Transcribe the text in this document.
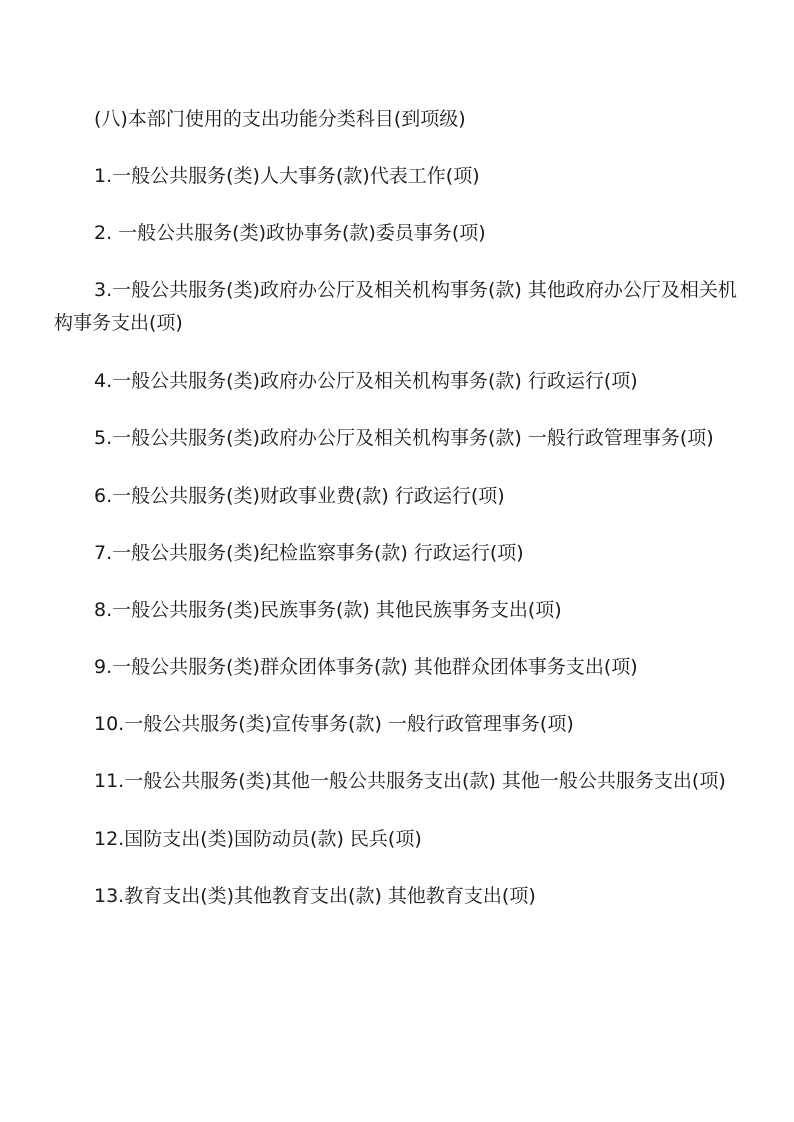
(八)本部门使用的支出功能分类科目(到项级)

1.一般公共服务(类)人大事务(款)代表工作(项)

2. 一般公共服务(类)政协事务(款)委员事务(项)

3.一般公共服务(类)政府办公厅及相关机构事务(款) 其他政府办公厅及相关机构事务支出(项)

4.一般公共服务(类)政府办公厅及相关机构事务(款) 行政运行(项)

5.一般公共服务(类)政府办公厅及相关机构事务(款) 一般行政管理事务(项)

6.一般公共服务(类)财政事业费(款) 行政运行(项)

7.一般公共服务(类)纪检监察事务(款) 行政运行(项)

8.一般公共服务(类)民族事务(款) 其他民族事务支出(项)

9.一般公共服务(类)群众团体事务(款) 其他群众团体事务支出(项)

10.一般公共服务(类)宣传事务(款) 一般行政管理事务(项)

11.一般公共服务(类)其他一般公共服务支出(款) 其他一般公共服务支出(项)

12.国防支出(类)国防动员(款) 民兵(项)

13.教育支出(类)其他教育支出(款) 其他教育支出(项)
